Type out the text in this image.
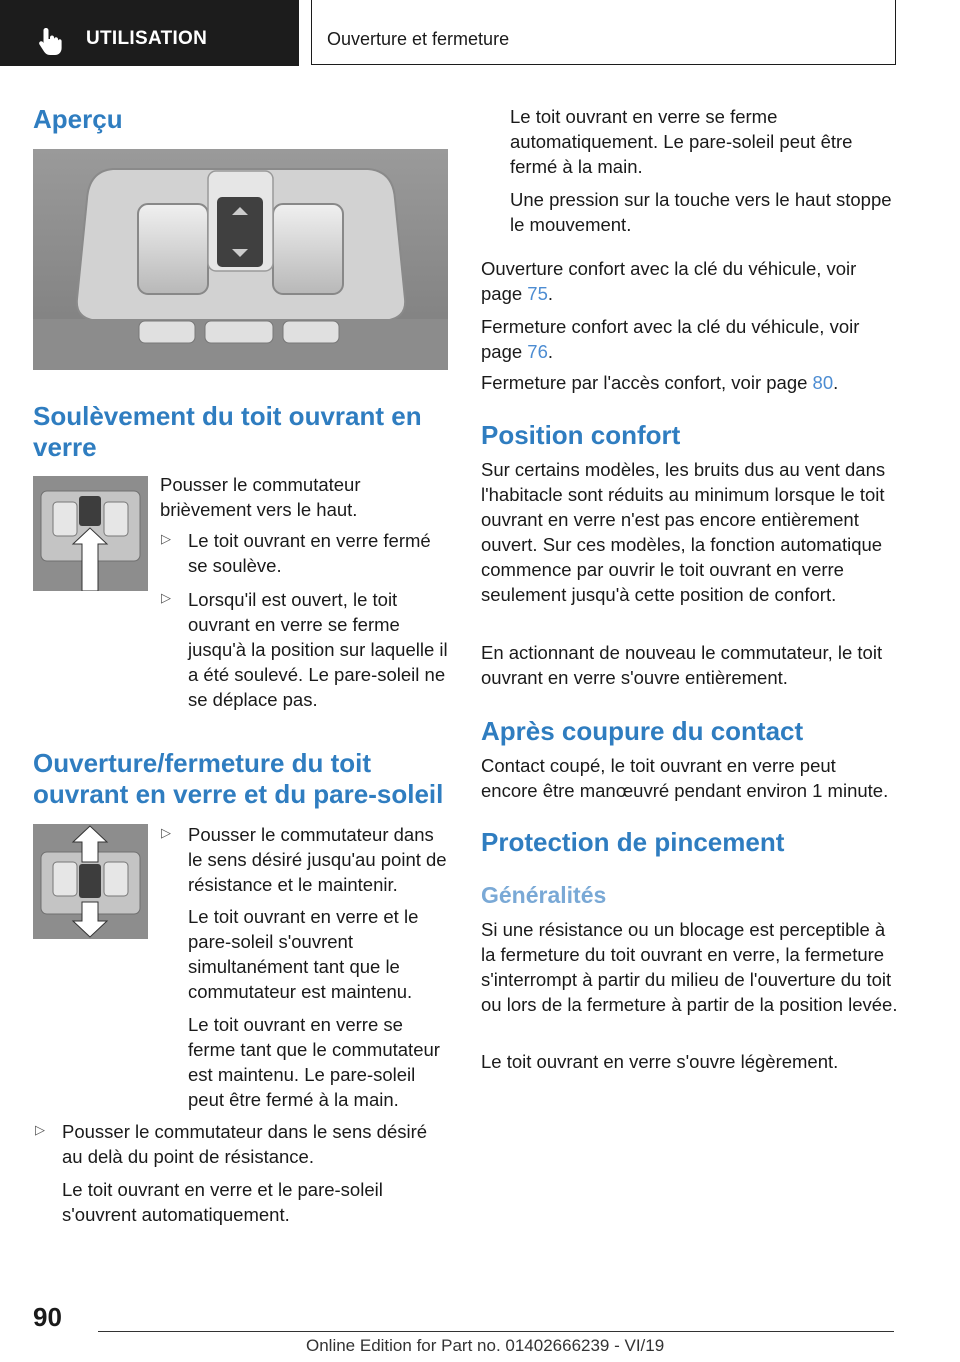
UTILISATION	Ouverture et fermeture
Aperçu
Soulèvement du toit ouvrant en verre

Pousser le commutateur brièvement vers le haut.

▷ Le toit ouvrant en verre fermé se soulève.

▷ Lorsqu'il est ouvert, le toit ouvrant en verre se ferme jusqu'à la position sur laquelle il a été soulevé. Le pare-soleil ne se déplace pas.

Ouverture/fermeture du toit ouvrant en verre et du pare-soleil
▷ Pousser le commutateur dans le sens désiré jusqu'au point de résistance et le maintenir.

Le toit ouvrant en verre et le pare-soleil s'ouvrent simultanément tant que le commutateur est maintenu.

Le toit ouvrant en verre se ferme tant que le commutateur est maintenu. Le pare-soleil peut être fermé à la main.

▷ Pousser le commutateur dans le sens désiré au delà du point de résistance.

Le toit ouvrant en verre et le pare-soleil s'ouvrent automatiquement.

Le toit ouvrant en verre se ferme automatiquement. Le pare-soleil peut être fermé à la main.

Une pression sur la touche vers le haut stoppe le mouvement.

Ouverture confort avec la clé du véhicule, voir page 75.

Fermeture confort avec la clé du véhicule, voir page 76.

Fermeture par l'accès confort, voir page 80.

Position confort

Sur certains modèles, les bruits dus au vent dans l'habitacle sont réduits au minimum lorsque le toit ouvrant en verre n'est pas encore entièrement ouvert. Sur ces modèles, la fonction automatique commence par ouvrir le toit ouvrant en verre seulement jusqu'à cette position de confort.

En actionnant de nouveau le commutateur, le toit ouvrant en verre s'ouvre entièrement.

Après coupure du contact

Contact coupé, le toit ouvrant en verre peut encore être manœuvré pendant environ 1 minute.

Protection de pincement
Généralités

Si une résistance ou un blocage est perceptible à la fermeture du toit ouvrant en verre, la fermeture s'interrompt à partir du milieu de l'ouverture du toit ou lors de la fermeture à partir de la position levée.

Le toit ouvrant en verre s'ouvre légèrement.

90
Online Edition for Part no. 01402666239 - VI/19
